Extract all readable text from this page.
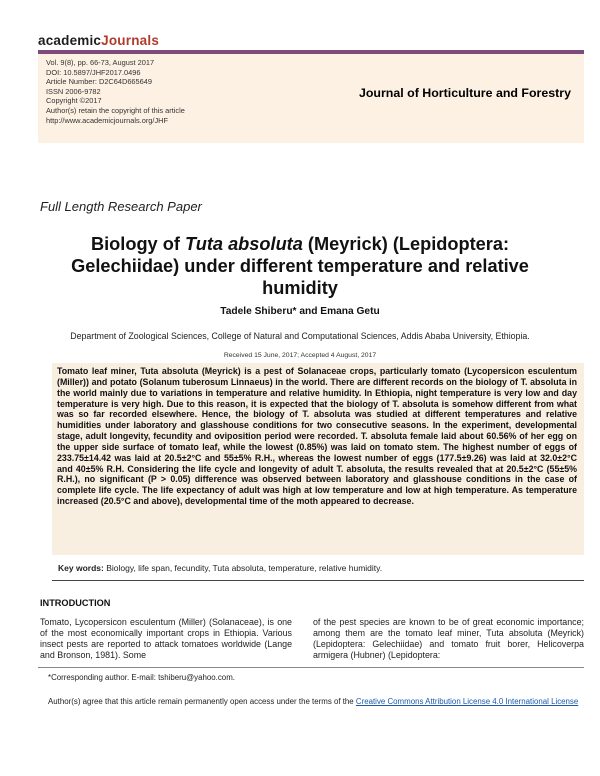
academicJournals
Vol. 9(8), pp. 66-73, August 2017
DOI: 10.5897/JHF2017.0496
Article Number: D2C64D665649
ISSN 2006-9782
Copyright ©2017
Author(s) retain the copyright of this article
http://www.academicjournals.org/JHF
Journal of Horticulture and Forestry
Full Length Research Paper
Biology of Tuta absoluta (Meyrick) (Lepidoptera: Gelechiidae) under different temperature and relative humidity
Tadele Shiberu* and Emana Getu
Department of Zoological Sciences, College of Natural and Computational Sciences, Addis Ababa University, Ethiopia.
Received 15 June, 2017; Accepted 4 August, 2017
Tomato leaf miner, Tuta absoluta (Meyrick) is a pest of Solanaceae crops, particularly tomato (Lycopersicon esculentum (Miller)) and potato (Solanum tuberosum Linnaeus) in the world. There are different records on the biology of T. absoluta in the world mainly due to variations in temperature and relative humidity. In Ethiopia, night temperature is very low and day temperature is very high. Due to this reason, it is expected that the biology of T. absoluta is somehow different from what was so far recorded elsewhere. Hence, the biology of T. absoluta was studied at different temperatures and relative humidities under laboratory and glasshouse conditions for two consecutive seasons. In the experiment, developmental stage, adult longevity, fecundity and oviposition period were recorded. T. absoluta female laid about 60.56% of her egg on the upper side surface of tomato leaf, while the lowest (0.85%) was laid on tomato stem. The highest number of eggs of 233.75±14.42 was laid at 20.5±2°C and 55±5% R.H., whereas the lowest number of eggs (177.5±9.26) was laid at 32.0±2°C and 40±5% R.H. Considering the life cycle and longevity of adult T. absoluta, the results revealed that at 20.5±2°C (55±5% R.H.), no significant (P > 0.05) difference was observed between laboratory and glasshouse conditions in the case of complete life cycle. The life expectancy of adult was high at low temperature and low at high temperature. As temperature increased (20.5°C and above), developmental time of the moth appeared to decrease.
Key words: Biology, life span, fecundity, Tuta absoluta, temperature, relative humidity.
INTRODUCTION
Tomato, Lycopersicon esculentum (Miller) (Solanaceae), is one of the most economically important crops in Ethiopia. Various insect pests are reported to attack tomatoes worldwide (Lange and Bronson, 1981). Some
of the pest species are known to be of great economic importance; among them are the tomato leaf miner, Tuta absoluta (Meyrick) (Lepidoptera: Gelechiidae) and tomato fruit borer, Helicoverpa armigera (Hubner) (Lepidoptera:
*Corresponding author. E-mail: tshiberu@yahoo.com.
Author(s) agree that this article remain permanently open access under the terms of the Creative Commons Attribution License 4.0 International License
